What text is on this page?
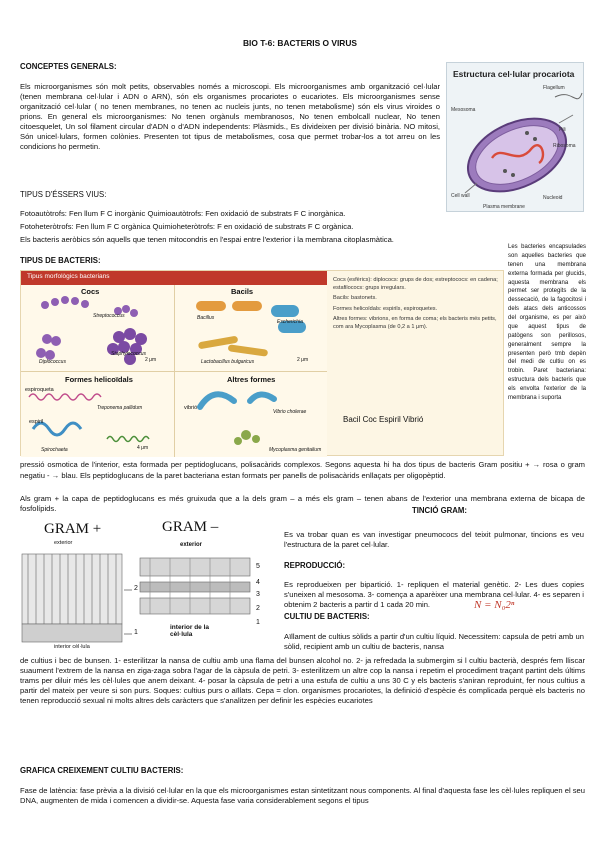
BIO T-6: BACTERIS O VIRUS
CONCEPTES GENERALS:
Els microorganismes són molt petits, observables només a microscopi. Els microorganismes amb organització cel·lular (tenen membrana cel·lular i ADN o ARN), són els organismes procariotes o eucariotes. Els microorganismes sense organització cel·lular ( no tenen membranes, no tenen ac nucleis junts, no tenen metabolisme) són els virus viroides o prions. En general els microorganismes: No tenen orgànuls membranosos, No tenen embolcall nuclear, No tenen citoesquelet, Un sol filament circular d'ADN o d'ADN independents: Plàsmids., Es divideixen per divisió binària. NO mitosi, Són unicel·lulars, formen colònies. Presenten tot tipus de metabolismes, cosa que permet trobar-los a tot arreu on les condicions ho permetin.
Estructura cel·lular procariota
Flagellum
Mesosoma
Pili
Ribosoma
Cell wall
Plasma membrane
Nucleoid
TIPUS D'ÉSSERS VIUS:
Fotoautòtrofs: Fen llum F C inorgànic Quimioautòtrofs: Fen oxidació de substrats F C inorgànica.
Fotoheteròtrofs: Fen llum F C orgànica Quimioheteròtrofs: F en oxidació de substrats F C orgànica.
Els bacteris aeròbics són aquells que tenen mitocondris en l'espai entre l'exterior i la membrana citoplasmàtica.
TIPUS DE BACTERIS:
Tipus morfològics bacterians
Cocs
Streptococcus
Staphylococcus
Diplococcus	2 μm
Bacils
Bacillus
Escherichia
Lactobacillus bulgaricus	2 μm
Formes helicoïdals
espiroqueta
Treponema pallidum
espiril
Spirochaeta	4 μm
Altres formes
vibrió
Vibrio cholerae
Mycoplasma genitalium
Cocs (esfèrics): diplococs: grups de dos; estreptococs: en cadena; estafilococs: grups irregulars.
Bacils: bastonets.
Formes helicoïdals: espirils, espiroquetes.
Altres formes: vibrions, en forma de coma; els bacteris més petits, com ara Mycoplasma (de 0,2 a 1 μm).
Bacil Coc Espiril Vibrió
Les bacteries encapsulades son aquelles bacteries que tenen una membrana externa formada per glucids, aquesta membrana els permet ser protegits de la dessecació, de la fagocitosi i dels atacs dels anticossos del organisme, es per això que aquest tipus de patògens son perillosos, generalment sempre la presenten però tmb depèn del medi de cultiu on es trobin. Paret bacteriana: estructura dels bacteris que els envolta l'exterior de la membrana i suporta
pressió osmotica de l'interior, esta formada per peptidoglucans, polisacàrids complexos. Segons aquesta hi ha dos tipus de bacteris Gram positiu + → rosa o gram negatiu - → blau. Els peptidoglucans de la paret bacteriana estan formats per panells de polisacàrids enllaçats per oligopèptid.
Als gram + la capa de peptidoglucans es més gruixuda que a la dels gram – a més els gram – tenen abans de l'exterior una membrana externa de bicapa de fosfolípids.
GRAM +	GRAM –
exterior	exterior
2
1
5
4
3
2
1
interior cèl·lula
interior de la cèl·lula
TINCIÓ GRAM:
Es va trobar quan es van investigar pneumococs del teixit pulmonar, tincions es veu l'estructura de la paret cel·lular.
REPRODUCCIÓ:
Es reprodueixen per bipartició. 1- repliquen el material genètic. 2- Les dues copies s'uneixen al mesosoma. 3- comença a aparèixer una membrana cel·lular. 4- es separen i obtenim 2 bacteris a partir d 1 cada 20 min.	N = N₀2ⁿ
CULTIU DE BACTERIS:
Aïllament de cultius sòlids a partir d'un cultiu líquid. Necessitem: capsula de petri amb un sòlid, recipient amb un cultiu de bacteris, nansa
de cultius i bec de bunsen. 1- esterilitzar la nansa de cultiu amb una flama del bunsen alcohol no. 2- ja refredada la submergim si l cultiu bacterià, després fem lliscar suaument l'extrem de la nansa en ziga-zaga sobra l'agar de la càpsula de petri. 3- esterilitzem un altre cop la nansa i repetim el procediment traçant partint dels últims trams per diluir més les cèl·lules que anem deixant. 4- posar la càpsula de petri a una estufa de cultiu a uns 30 C y els bacteris s'aniran reproduint, fer nous cultius a partir del mateix per veure si son purs. Soques: cultius purs o aïllats. Cepa = clon. organismes procariotes, la definició d'espècie és complicada perquè els bacteris no tenen reproducció sexual ni molts altres dels caràcters que s'analitzen per definir les espècies eucariotes
GRAFICA CREIXEMENT CULTIU BACTERIS:
Fase de latència: fase prèvia a la divisió cel·lular en la que els microorganismes estan sintetitzant nous components. Al final d'aquesta fase les cèl·lules repliquen el seu DNA, augmenten de mida i comencen a dividir-se. Aquesta fase varia considerablement segons el tipus
